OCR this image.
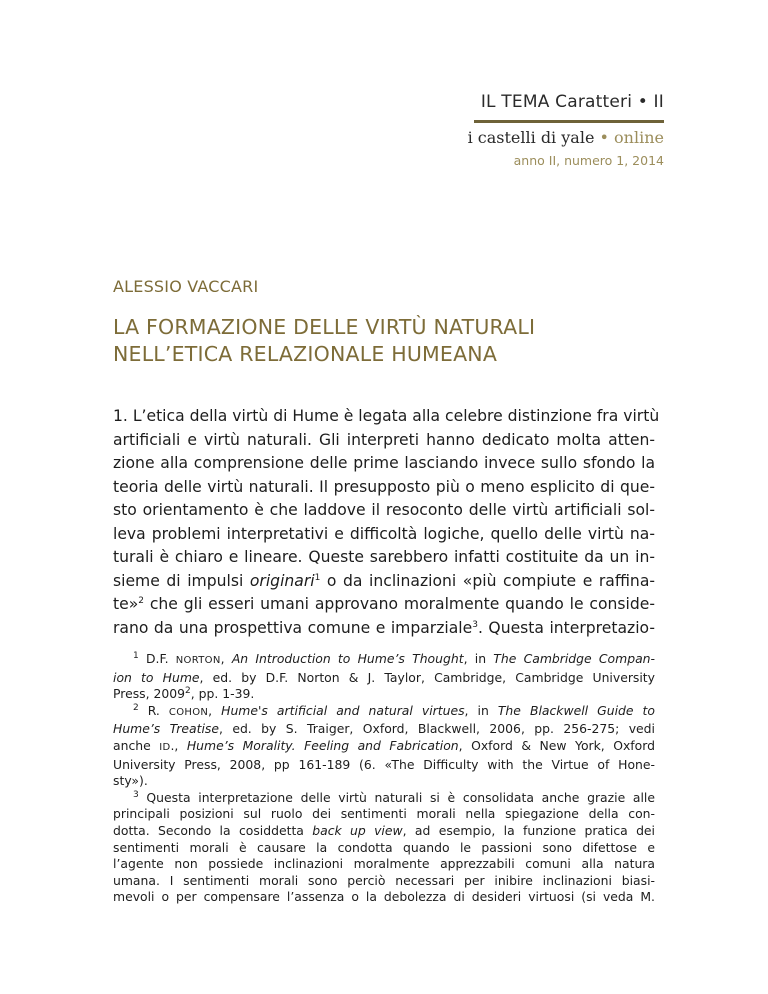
IL TEMA Caratteri • II
i castelli di yale • online
anno II, numero 1, 2014
ALESSIO VACCARI
LA FORMAZIONE DELLE VIRTÙ NATURALI
NELL’ETICA RELAZIONALE HUMEANA
1. L’etica della virtù di Hume è legata alla celebre distinzione fra virtù
artificiali e virtù naturali. Gli interpreti hanno dedicato molta atten-
zione alla comprensione delle prime lasciando invece sullo sfondo la
teoria delle virtù naturali. Il presupposto più o meno esplicito di que-
sto orientamento è che laddove il resoconto delle virtù artificiali sol-
leva problemi interpretativi e difficoltà logiche, quello delle virtù na-
turali è chiaro e lineare. Queste sarebbero infatti costituite da un in-
sieme di impulsi originari$^1$ o da inclinazioni «più compiute e raffina-
te»$^2$ che gli esseri umani approvano moralmente quando le conside-
rano da una prospettiva comune e imparziale$^3$. Questa interpretazio-
$^1$ D.F. NORTON, An Introduction to Hume’s Thought, in The Cambridge Compan-
ion to Hume, ed. by D.F. Norton & J. Taylor, Cambridge, Cambridge University
Press, 2009$^2$, pp. 1-39.
$^2$ R. COHON, Hume's artificial and natural virtues, in The Blackwell Guide to
Hume’s Treatise, ed. by S. Traiger, Oxford, Blackwell, 2006, pp. 256-275; vedi
anche ID., Hume’s Morality. Feeling and Fabrication, Oxford & New York, Oxford
University Press, 2008, pp 161-189 (6. «The Difficulty with the Virtue of Hone-
sty»).
$^3$ Questa interpretazione delle virtù naturali si è consolidata anche grazie alle
principali posizioni sul ruolo dei sentimenti morali nella spiegazione della con-
dotta. Secondo la cosiddetta back up view, ad esempio, la funzione pratica dei
sentimenti morali è causare la condotta quando le passioni sono difettose e
l’agente non possiede inclinazioni moralmente apprezzabili comuni alla natura
umana. I sentimenti morali sono perciò necessari per inibire inclinazioni biasi-
mevoli o per compensare l’assenza o la debolezza di desideri virtuosi (si veda M.
